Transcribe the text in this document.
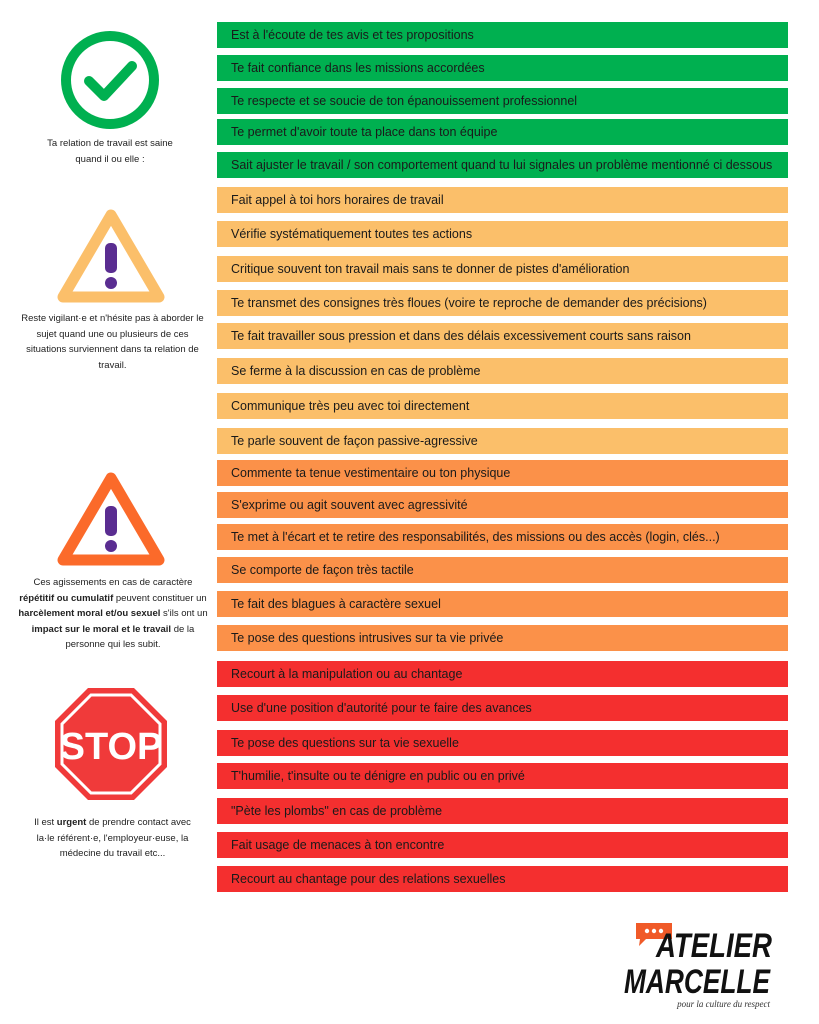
Ta relation de travail est saine quand il ou elle :
Reste vigilant·e et n'hésite pas à aborder le sujet quand une ou plusieurs de ces situations surviennent dans ta relation de travail.
Ces agissements en cas de caractère répétitif ou cumulatif peuvent constituer un harcèlement moral et/ou sexuel s'ils ont un impact sur le moral et le travail de la personne qui les subit.
STOP
Il est urgent de prendre contact avec la·le référent·e, l'employeur·euse, la médecine du travail etc...
Est à l'écoute de tes avis et tes propositions
Te fait confiance dans les missions accordées
Te respecte et se soucie de ton épanouissement professionnel
Te permet d'avoir toute ta place dans ton équipe
Sait ajuster le travail / son comportement quand tu lui signales un problème mentionné ci dessous
Fait appel à toi hors horaires de travail
Vérifie systématiquement toutes tes actions
Critique souvent ton travail mais sans te donner de pistes d'amélioration
Te transmet des consignes très floues (voire te reproche de demander des précisions)
Te fait travailler sous pression et dans des délais excessivement courts sans raison
Se ferme à la discussion en cas de problème
Communique très peu avec toi directement
Te parle souvent de façon passive-agressive
Commente ta tenue vestimentaire ou ton physique
S'exprime ou agit souvent avec agressivité
Te met à l'écart et te retire des responsabilités, des missions ou des accès (login, clés...)
Se comporte de façon très tactile
Te fait des blagues à caractère sexuel
Te pose des questions intrusives sur ta vie privée
Recourt à la manipulation ou au chantage
Use d'une position d'autorité pour te faire des avances
Te pose des questions sur ta vie sexuelle
T'humilie, t'insulte ou te dénigre en public ou en privé
"Pète les plombs" en cas de problème
Fait usage de menaces à ton encontre
Recourt au chantage pour des relations sexuelles
ATELIER
MARCELLE
pour la culture du respect
